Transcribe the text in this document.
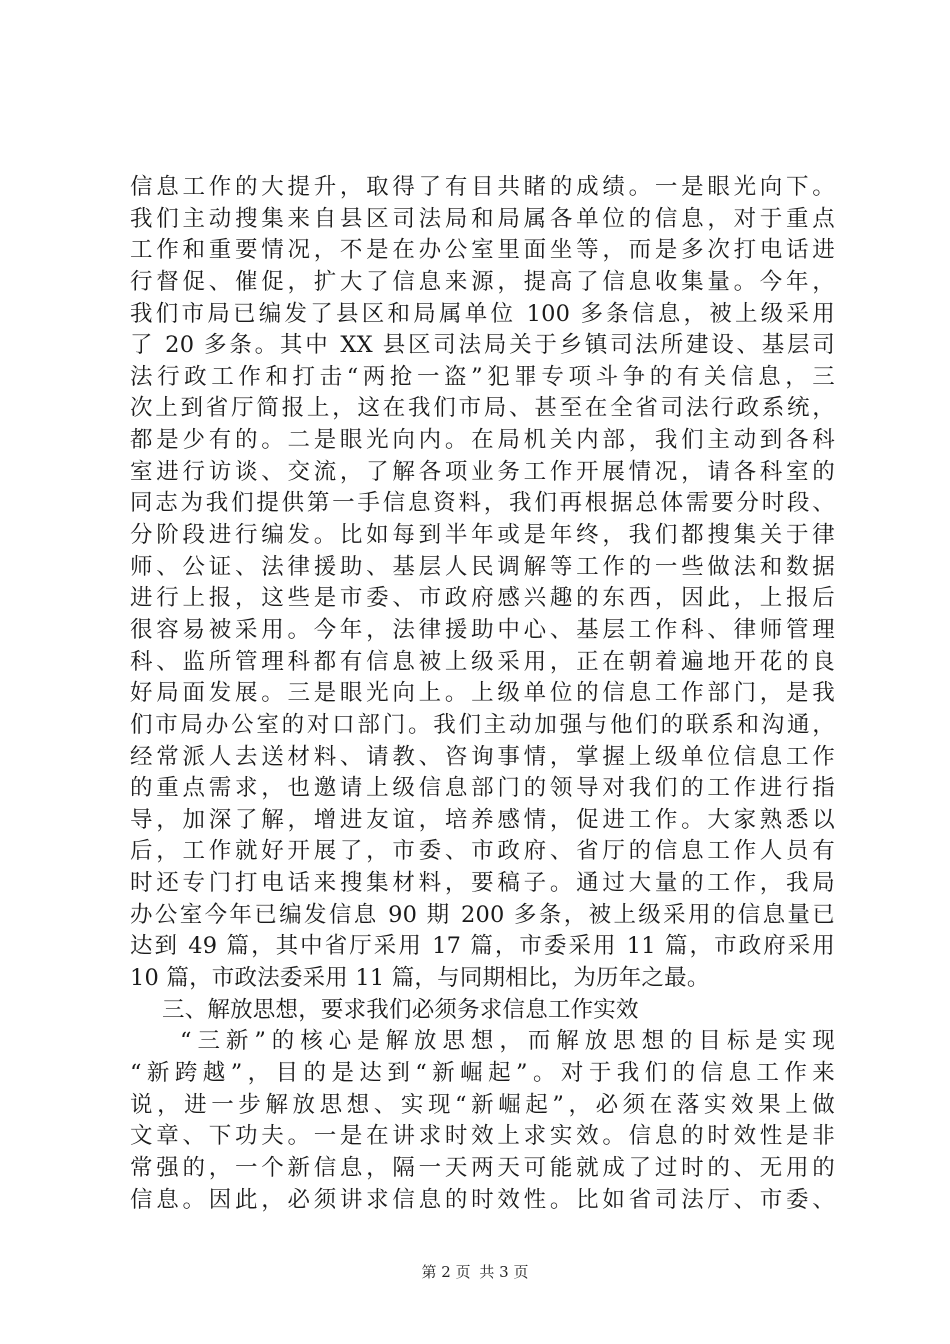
信息工作的大提升，取得了有目共睹的成绩。一是眼光向下。
我们主动搜集来自县区司法局和局属各单位的信息，对于重点
工作和重要情况，不是在办公室里面坐等，而是多次打电话进
行督促、催促，扩大了信息来源，提高了信息收集量。今年，
我们市局已编发了县区和局属单位 100 多条信息，被上级采用
了 20 多条。其中 XX 县区司法局关于乡镇司法所建设、基层司
法行政工作和打击“两抢一盗”犯罪专项斗争的有关信息，三
次上到省厅简报上，这在我们市局、甚至在全省司法行政系统，
都是少有的。二是眼光向内。在局机关内部，我们主动到各科
室进行访谈、交流，了解各项业务工作开展情况，请各科室的
同志为我们提供第一手信息资料，我们再根据总体需要分时段、
分阶段进行编发。比如每到半年或是年终，我们都搜集关于律
师、公证、法律援助、基层人民调解等工作的一些做法和数据
进行上报，这些是市委、市政府感兴趣的东西，因此，上报后
很容易被采用。今年，法律援助中心、基层工作科、律师管理
科、监所管理科都有信息被上级采用，正在朝着遍地开花的良
好局面发展。三是眼光向上。上级单位的信息工作部门，是我
们市局办公室的对口部门。我们主动加强与他们的联系和沟通，
经常派人去送材料、请教、咨询事情，掌握上级单位信息工作
的重点需求，也邀请上级信息部门的领导对我们的工作进行指
导，加深了解，增进友谊，培养感情，促进工作。大家熟悉以
后，工作就好开展了，市委、市政府、省厅的信息工作人员有
时还专门打电话来搜集材料，要稿子。通过大量的工作，我局
办公室今年已编发信息 90 期 200 多条，被上级采用的信息量已
达到 49 篇，其中省厅采用 17 篇，市委采用 11 篇，市政府采用
10 篇，市政法委采用 11 篇，与同期相比，为历年之最。
三、解放思想，要求我们必须务求信息工作实效
“三新”的核心是解放思想，而解放思想的目标是实现
“新跨越”，目的是达到“新崛起”。对于我们的信息工作来
说，进一步解放思想、实现“新崛起”，必须在落实效果上做
文章、下功夫。一是在讲求时效上求实效。信息的时效性是非
常强的，一个新信息，隔一天两天可能就成了过时的、无用的
信息。因此，必须讲求信息的时效性。比如省司法厅、市委、
第 2 页 共 3 页
